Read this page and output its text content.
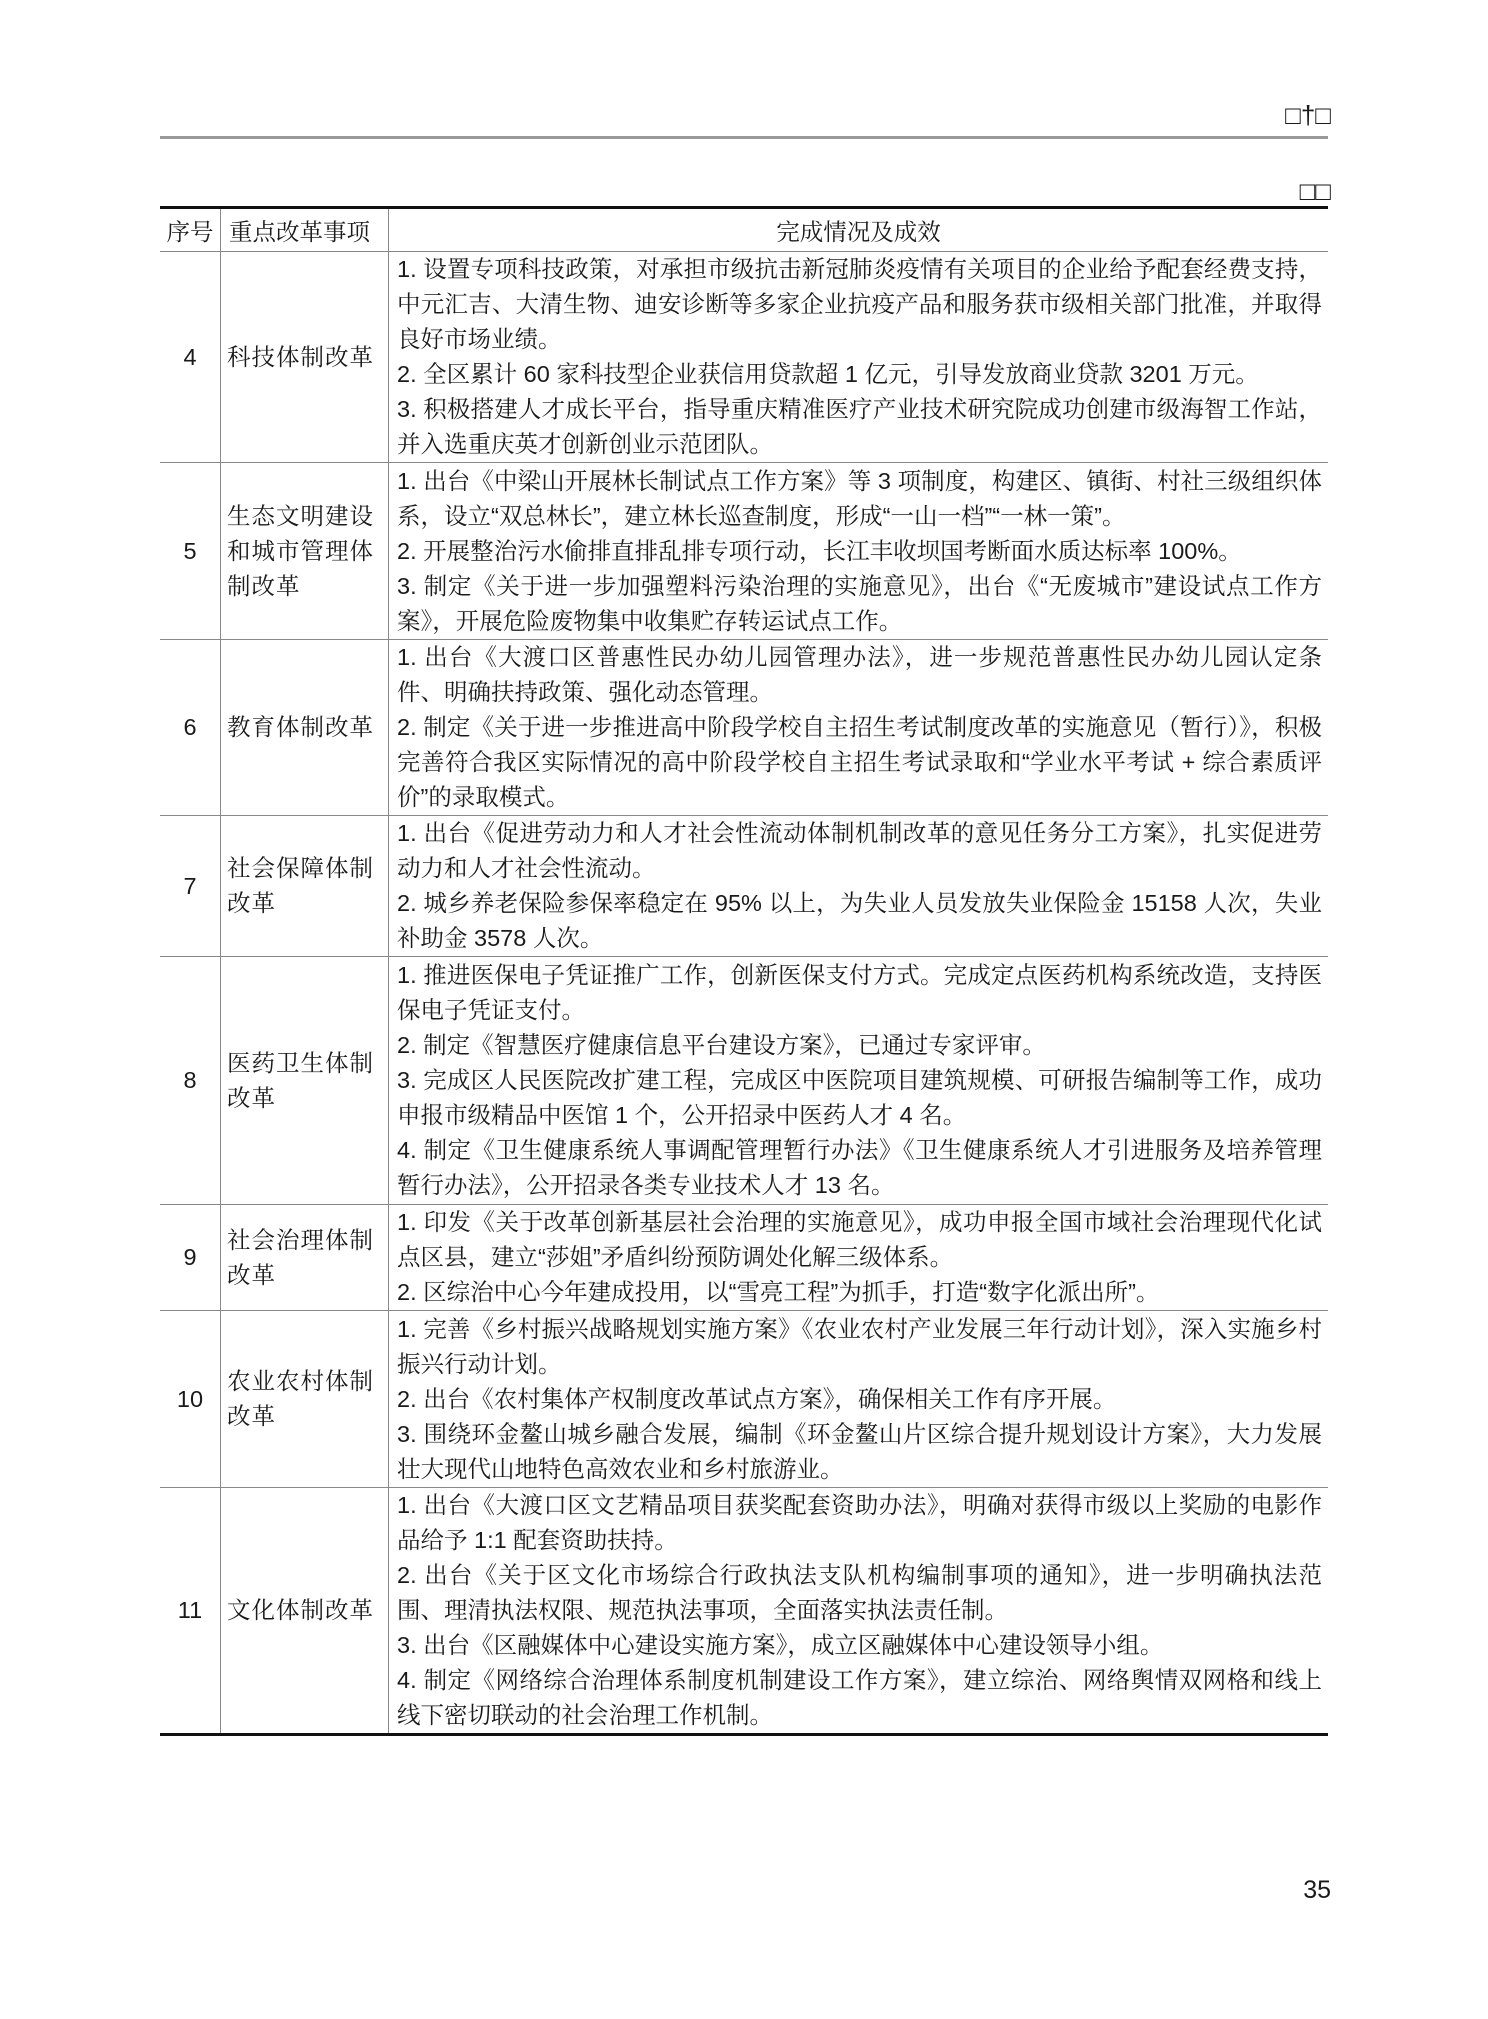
□†□
□□
序号	重点改革事项	完成情况及成效
4	科技体制改革	1. 设置专项科技政策，对承担市级抗击新冠肺炎疫情有关项目的企业给予配套经费支持，中元汇吉、大清生物、迪安诊断等多家企业抗疫产品和服务获市级相关部门批准，并取得良好市场业绩。

2. 全区累计 60 家科技型企业获信用贷款超 1 亿元，引导发放商业贷款 3201 万元。

3. 积极搭建人才成长平台，指导重庆精准医疗产业技术研究院成功创建市级海智工作站，并入选重庆英才创新创业示范团队。

5	生态文明建设和城市管理体制改革	1. 出台《中梁山开展林长制试点工作方案》等 3 项制度，构建区、镇街、村社三级组织体系，设立“双总林长”，建立林长巡查制度，形成“一山一档”“一林一策”。

2. 开展整治污水偷排直排乱排专项行动，长江丰收坝国考断面水质达标率 100%。

3. 制定《关于进一步加强塑料污染治理的实施意见》，出台《“无废城市”建设试点工作方案》，开展危险废物集中收集贮存转运试点工作。

6	教育体制改革	1. 出台《大渡口区普惠性民办幼儿园管理办法》，进一步规范普惠性民办幼儿园认定条件、明确扶持政策、强化动态管理。

2. 制定《关于进一步推进高中阶段学校自主招生考试制度改革的实施意见（暂行）》，积极完善符合我区实际情况的高中阶段学校自主招生考试录取和“学业水平考试 + 综合素质评价”的录取模式。

7	社会保障体制改革	1. 出台《促进劳动力和人才社会性流动体制机制改革的意见任务分工方案》，扎实促进劳动力和人才社会性流动。

2. 城乡养老保险参保率稳定在 95% 以上，为失业人员发放失业保险金 15158 人次，失业补助金 3578 人次。

8	医药卫生体制改革	1. 推进医保电子凭证推广工作，创新医保支付方式。完成定点医药机构系统改造，支持医保电子凭证支付。

2. 制定《智慧医疗健康信息平台建设方案》，已通过专家评审。

3. 完成区人民医院改扩建工程，完成区中医院项目建筑规模、可研报告编制等工作，成功申报市级精品中医馆 1 个，公开招录中医药人才 4 名。

4. 制定《卫生健康系统人事调配管理暂行办法》《卫生健康系统人才引进服务及培养管理暂行办法》，公开招录各类专业技术人才 13 名。

9	社会治理体制改革	1. 印发《关于改革创新基层社会治理的实施意见》，成功申报全国市域社会治理现代化试点区县，建立“莎姐”矛盾纠纷预防调处化解三级体系。

2. 区综治中心今年建成投用，以“雪亮工程”为抓手，打造“数字化派出所”。

10	农业农村体制改革	1. 完善《乡村振兴战略规划实施方案》《农业农村产业发展三年行动计划》，深入实施乡村振兴行动计划。

2. 出台《农村集体产权制度改革试点方案》，确保相关工作有序开展。

3. 围绕环金鳌山城乡融合发展，编制《环金鳌山片区综合提升规划设计方案》，大力发展壮大现代山地特色高效农业和乡村旅游业。

11	文化体制改革	1. 出台《大渡口区文艺精品项目获奖配套资助办法》，明确对获得市级以上奖励的电影作品给予 1:1 配套资助扶持。

2. 出台《关于区文化市场综合行政执法支队机构编制事项的通知》，进一步明确执法范围、理清执法权限、规范执法事项，全面落实执法责任制。

3. 出台《区融媒体中心建设实施方案》，成立区融媒体中心建设领导小组。

4. 制定《网络综合治理体系制度机制建设工作方案》，建立综治、网络舆情双网格和线上线下密切联动的社会治理工作机制。

35
